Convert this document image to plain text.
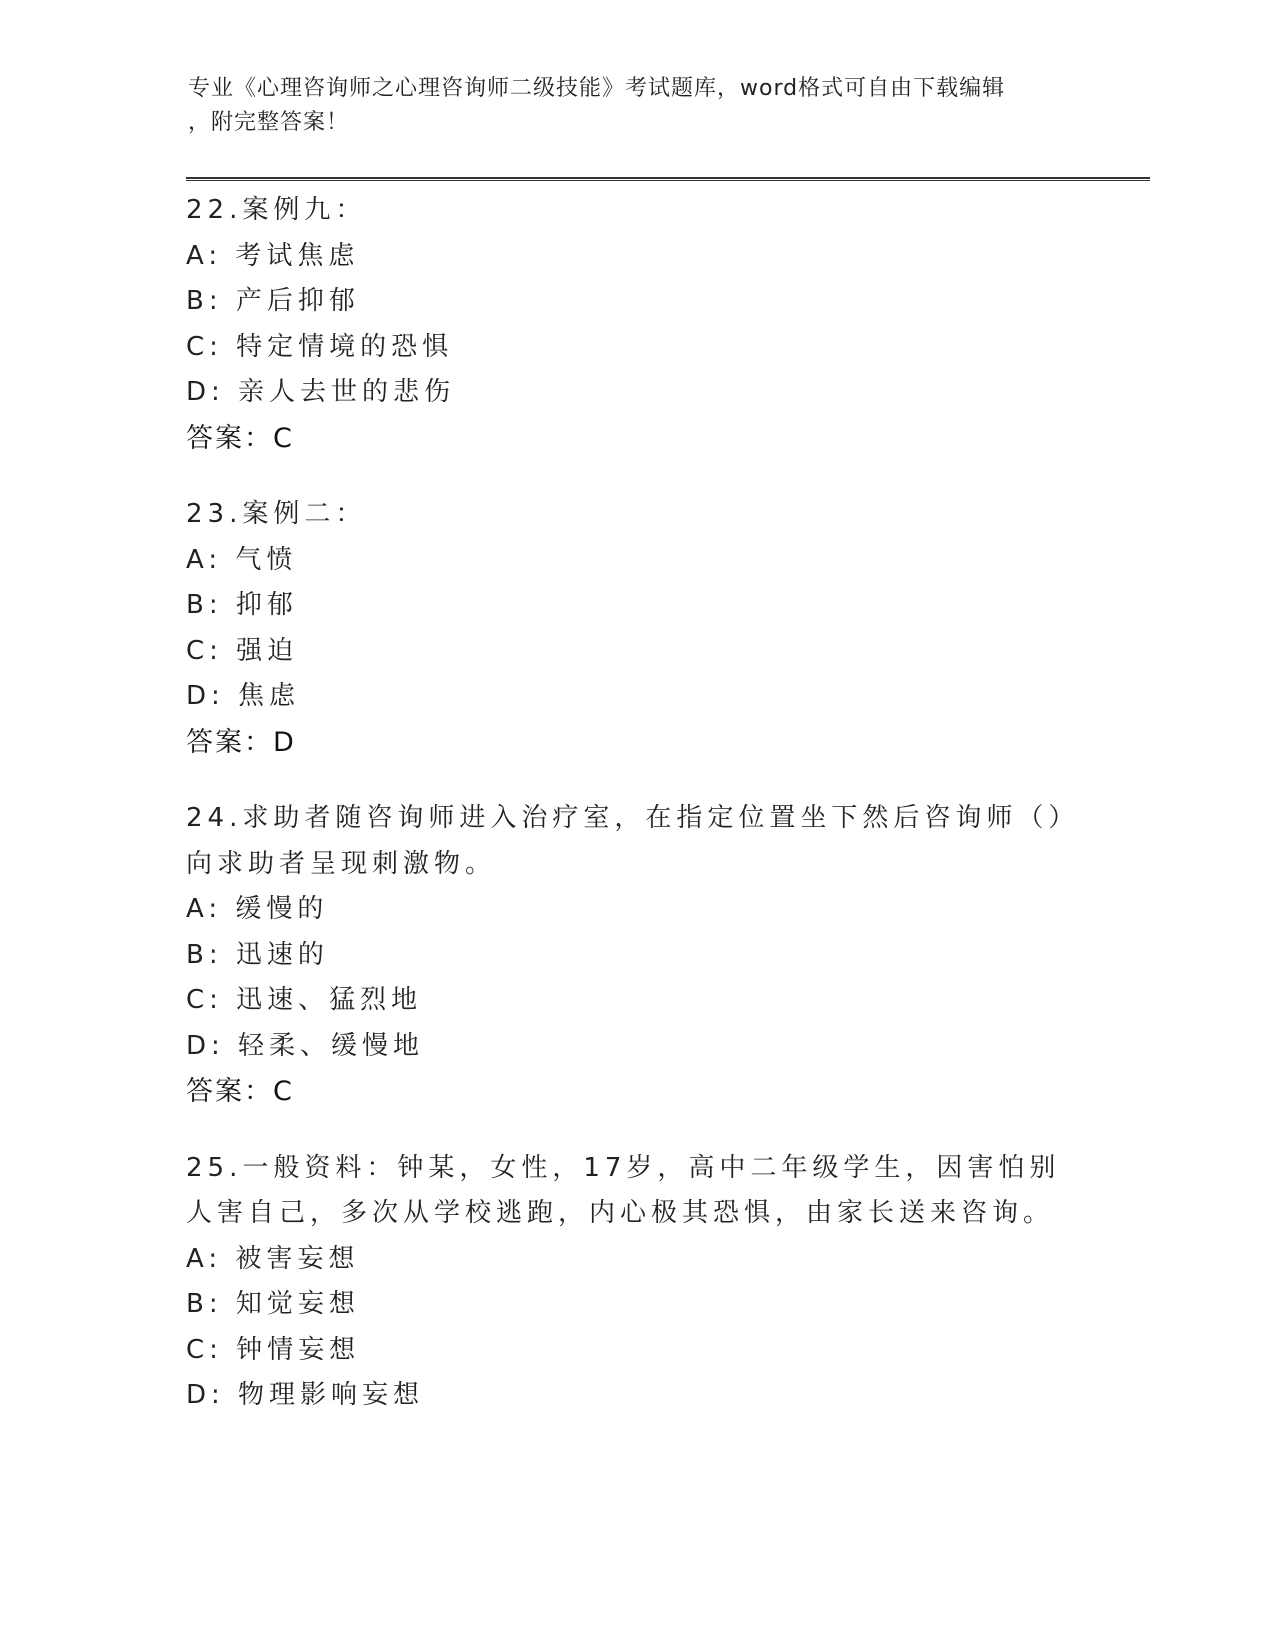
专业《心理咨询师之心理咨询师二级技能》考试题库，word格式可自由下载编辑
，附完整答案！
22.案例九：
A: 考试焦虑
B: 产后抑郁
C: 特定情境的恐惧
D: 亲人去世的悲伤
答案：C
23.案例二：
A: 气愤
B: 抑郁
C: 强迫
D: 焦虑
答案：D
24.求助者随咨询师进入治疗室，在指定位置坐下然后咨询师（）向求助者呈现刺激物。
A: 缓慢的
B: 迅速的
C: 迅速、猛烈地
D: 轻柔、缓慢地
答案：C
25.一般资料：钟某，女性，17岁，高中二年级学生，因害怕别人害自己，多次从学校逃跑，内心极其恐惧，由家长送来咨询。
A: 被害妄想
B: 知觉妄想
C: 钟情妄想
D: 物理影响妄想
